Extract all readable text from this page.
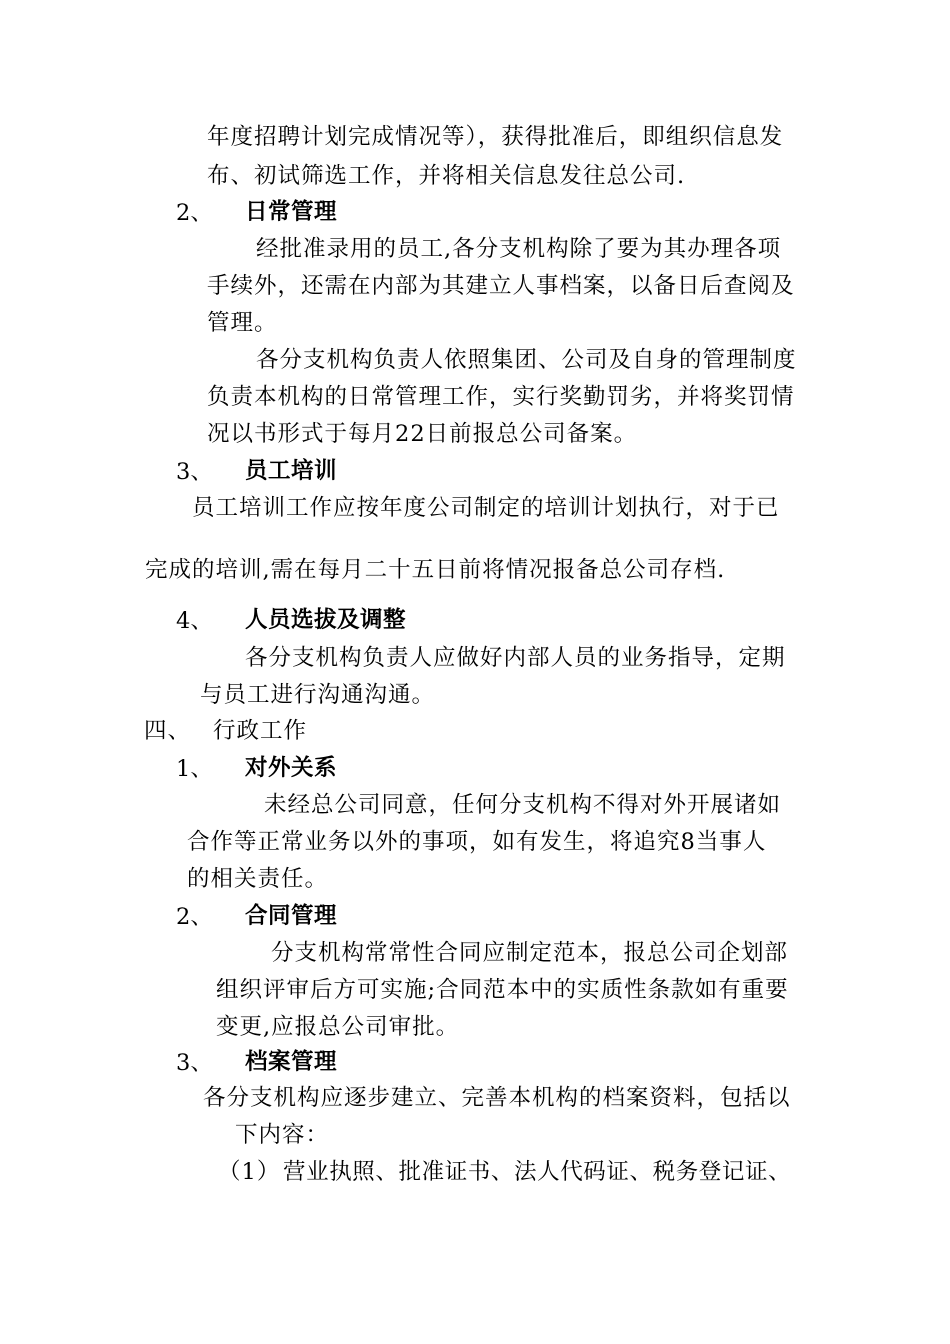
年度招聘计划完成情况等），获得批准后，即组织信息发
布、初试筛选工作，并将相关信息发往总公司.
2、 日常管理
经批准录用的员工,各分支机构除了要为其办理各项
手续外，还需在内部为其建立人事档案，以备日后查阅及
管理。
各分支机构负责人依照集团、公司及自身的管理制度
负责本机构的日常管理工作，实行奖勤罚劣，并将奖罚情
况以书形式于每月22日前报总公司备案。
3、 员工培训
员工培训工作应按年度公司制定的培训计划执行，对于已
完成的培训,需在每月二十五日前将情况报备总公司存档.
4、 人员选拔及调整
各分支机构负责人应做好内部人员的业务指导，定期
与员工进行沟通沟通。
四、 行政工作
1、 对外关系
未经总公司同意，任何分支机构不得对外开展诸如
合作等正常业务以外的事项，如有发生，将追究8当事人
的相关责任。
2、 合同管理
分支机构常常性合同应制定范本，报总公司企划部
组织评审后方可实施;合同范本中的实质性条款如有重要
变更,应报总公司审批。
3、 档案管理
各分支机构应逐步建立、完善本机构的档案资料，包括以
下内容：
（1） 营业执照、批准证书、法人代码证、税务登记证、
